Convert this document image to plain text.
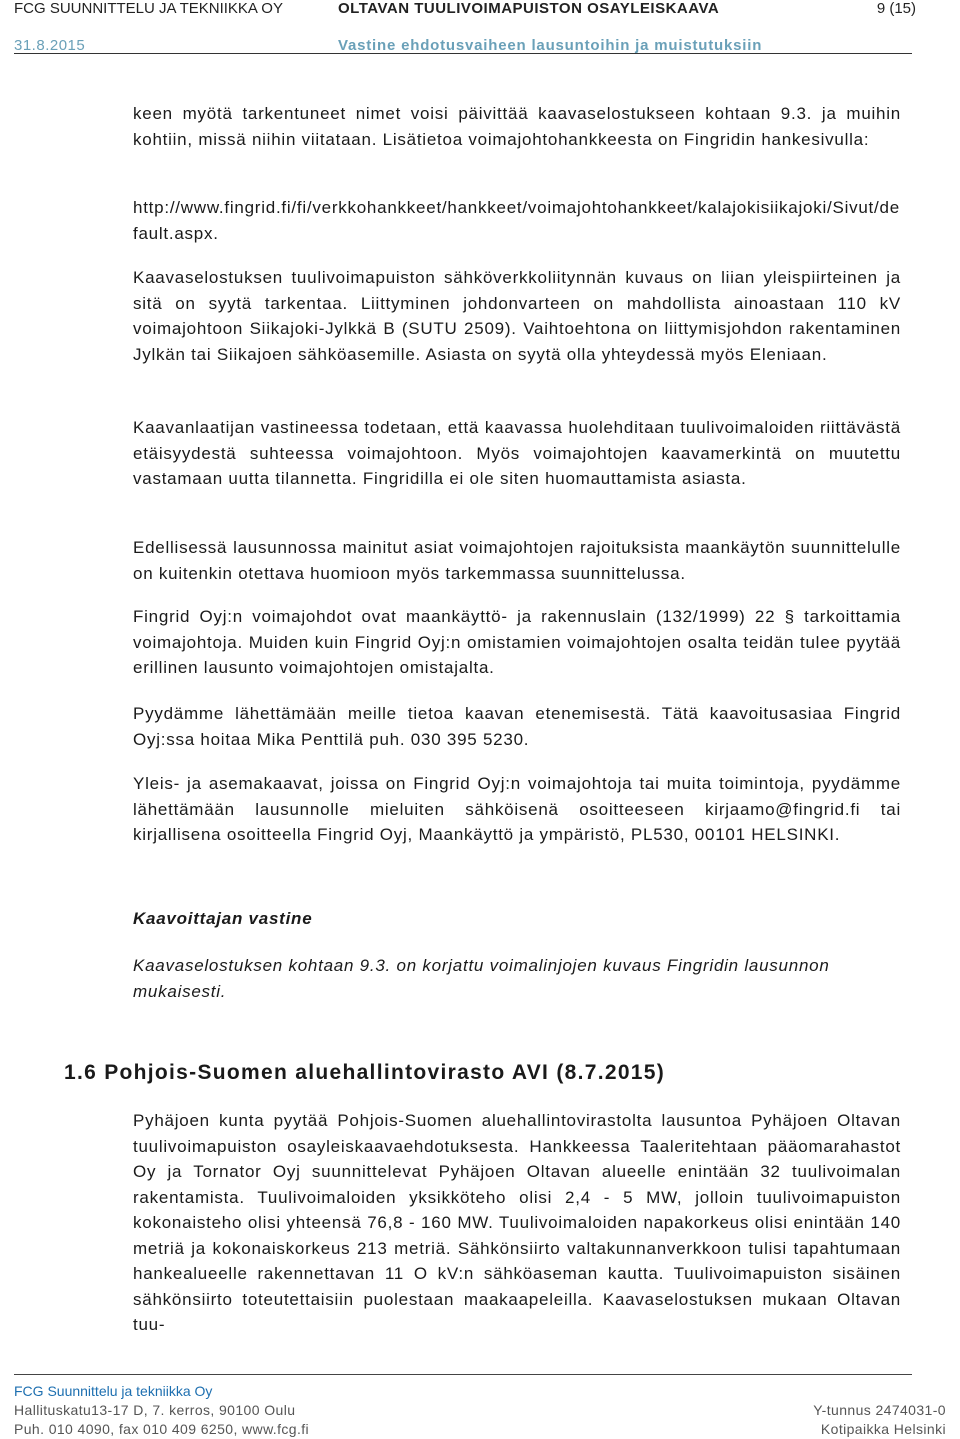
FCG SUUNNITTELU JA TEKNIIKKA OY	OLTAVAN TUULIVOIMAPUISTON OSAYLEISKAAVA	9 (15)
31.8.2015	Vastine ehdotusvaiheen lausuntoihin ja muistutuksiin

keen myötä tarkentuneet nimet voisi päivittää kaavaselostukseen kohtaan 9.3. ja muihin kohtiin, missä niihin viitataan. Lisätietoa voimajohtohankkeesta on Fingridin hankesivulla:

http://www.fingrid.fi/fi/verkkohankkeet/hankkeet/voimajohtohankkeet/kalajokisiikajoki/Sivut/default.aspx.

Kaavaselostuksen tuulivoimapuiston sähköverkkoliitynnän kuvaus on liian yleispiirteinen ja sitä on syytä tarkentaa. Liittyminen johdonvarteen on mahdollista ainoastaan 110 kV voimajohtoon Siikajoki-Jylkkä B (SUTU 2509). Vaihtoehtona on liittymisjohdon rakentaminen Jylkän tai Siikajoen sähköasemille. Asiasta on syytä olla yhteydessä myös Eleniaan.

Kaavanlaatijan vastineessa todetaan, että kaavassa huolehditaan tuulivoimaloiden riittävästä etäisyydestä suhteessa voimajohtoon. Myös voimajohtojen kaavamerkintä on muutettu vastamaan uutta tilannetta. Fingridilla ei ole siten huomauttamista asiasta.

Edellisessä lausunnossa mainitut asiat voimajohtojen rajoituksista maankäytön suunnittelulle on kuitenkin otettava huomioon myös tarkemmassa suunnittelussa.

Fingrid Oyj:n voimajohdot ovat maankäyttö- ja rakennuslain (132/1999) 22 § tarkoittamia voimajohtoja. Muiden kuin Fingrid Oyj:n omistamien voimajohtojen osalta teidän tulee pyytää erillinen lausunto voimajohtojen omistajalta.

Pyydämme lähettämään meille tietoa kaavan etenemisestä. Tätä kaavoitusasiaa Fingrid Oyj:ssa hoitaa Mika Penttilä puh. 030 395 5230.

Yleis- ja asemakaavat, joissa on Fingrid Oyj:n voimajohtoja tai muita toimintoja, pyydämme lähettämään lausunnolle mieluiten sähköisenä osoitteeseen kirjaamo@fingrid.fi tai kirjallisena osoitteella Fingrid Oyj, Maankäyttö ja ympäristö, PL530, 00101 HELSINKI.

Kaavoittajan vastine

Kaavaselostuksen kohtaan 9.3. on korjattu voimalinjojen kuvaus Fingridin lausunnon mukaisesti.

1.6 Pohjois-Suomen aluehallintovirasto AVI (8.7.2015)

Pyhäjoen kunta pyytää Pohjois-Suomen aluehallintovirastolta lausuntoa Pyhäjoen Oltavan tuulivoimapuiston osayleiskaavaehdotuksesta. Hankkeessa Taaleritehtaan pääomarahastot Oy ja Tornator Oyj suunnittelevat Pyhäjoen Oltavan alueelle enintään 32 tuulivoimalan rakentamista. Tuulivoimaloiden yksikköteho olisi 2,4 - 5 MW, jolloin tuulivoimapuiston kokonaisteho olisi yhteensä 76,8 - 160 MW. Tuulivoimaloiden napakorkeus olisi enintään 140 metriä ja kokonaiskorkeus 213 metriä. Sähkönsiirto valtakunnanverkkoon tulisi tapahtumaan hankealueelle rakennettavan 11 O kV:n sähköaseman kautta. Tuulivoimapuiston sisäinen sähkönsiirto toteutettaisiin puolestaan maakaapeleilla. Kaavaselostuksen mukaan Oltavan tuu-

FCG Suunnittelu ja tekniikka Oy
Hallituskatu13-17 D, 7. kerros, 90100 Oulu
Puh. 010 4090, fax 010 409 6250, www.fcg.fi

Y-tunnus 2474031-0
Kotipaikka Helsinki
